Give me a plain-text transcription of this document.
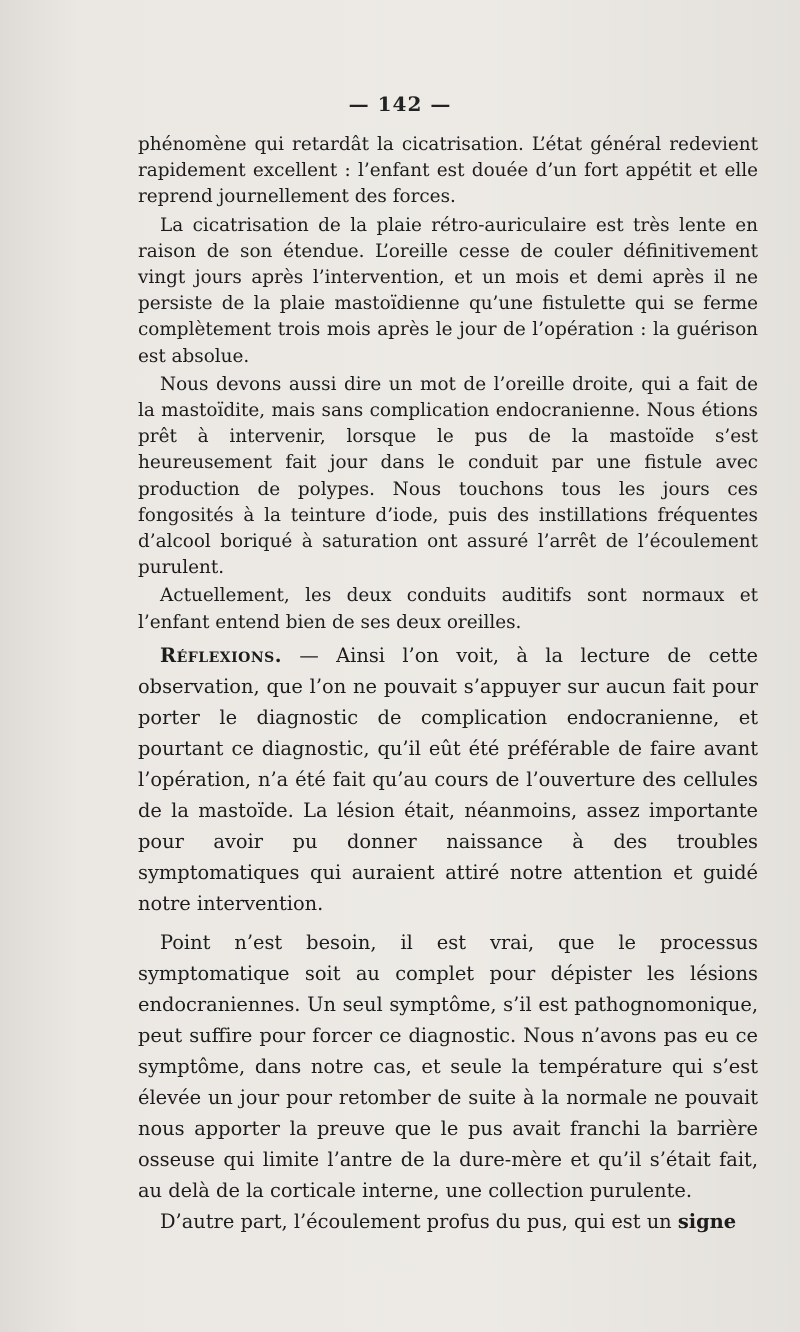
— 142 —

phénomène qui retardât la cicatrisation. L’état général redevient rapidement excellent : l’enfant est douée d’un fort appétit et elle reprend journellement des forces.

La cicatrisation de la plaie rétro-auriculaire est très lente en raison de son étendue. L’oreille cesse de couler définitivement vingt jours après l’intervention, et un mois et demi après il ne persiste de la plaie mastoïdienne qu’une fistulette qui se ferme complètement trois mois après le jour de l’opération : la guérison est absolue.

Nous devons aussi dire un mot de l’oreille droite, qui a fait de la mastoïdite, mais sans complication endocranienne. Nous étions prêt à intervenir, lorsque le pus de la mastoïde s’est heureusement fait jour dans le conduit par une fistule avec production de polypes. Nous touchons tous les jours ces fongosités à la teinture d’iode, puis des instillations fréquentes d’alcool boriqué à saturation ont assuré l’arrêt de l’écoulement purulent.

Actuellement, les deux conduits auditifs sont normaux et l’enfant entend bien de ses deux oreilles.

Réflexions. — Ainsi l’on voit, à la lecture de cette observation, que l’on ne pouvait s’appuyer sur aucun fait pour porter le diagnostic de complication endocranienne, et pourtant ce diagnostic, qu’il eût été préférable de faire avant l’opération, n’a été fait qu’au cours de l’ouverture des cellules de la mastoïde. La lésion était, néanmoins, assez importante pour avoir pu donner naissance à des troubles symptomatiques qui auraient attiré notre attention et guidé notre intervention.

Point n’est besoin, il est vrai, que le processus symptomatique soit au complet pour dépister les lésions endocraniennes. Un seul symptôme, s’il est pathognomonique, peut suffire pour forcer ce diagnostic. Nous n’avons pas eu ce symptôme, dans notre cas, et seule la température qui s’est élevée un jour pour retomber de suite à la normale ne pouvait nous apporter la preuve que le pus avait franchi la barrière osseuse qui limite l’antre de la dure-mère et qu’il s’était fait, au delà de la corticale interne, une collection purulente.

D’autre part, l’écoulement profus du pus, qui est un signe
